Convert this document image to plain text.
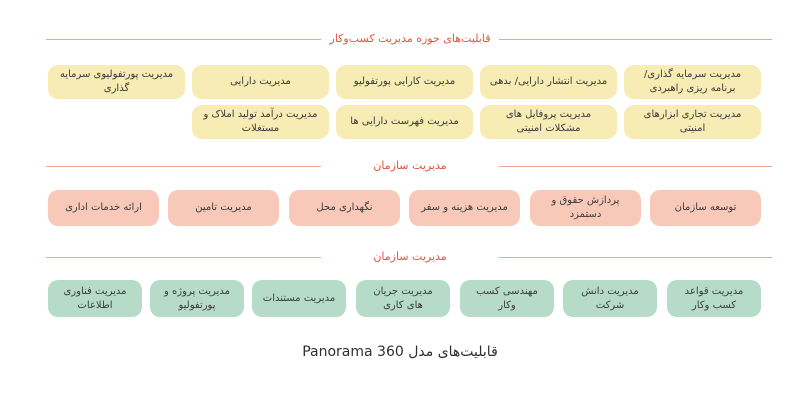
قابلیت‌های حوزه مدیریت کسب‌وکار
مدیریت سرمایه گذاری/ برنامه ریزی راهبردی
مدیریت انتشار دارایی/ بدهی
مدیریت کارایی پورتفولیو
مدیریت دارایی
مدیریت پورتفولیوی سرمایه گذاری
مدیریت تجاری ابزارهای امنیتی
مدیریت پروفایل های مشکلات امنیتی
مدیریت فهرست دارایی ها
مدیریت درآمد تولید املاک و مستغلات
مدیریت سازمان
توسعه سازمان
پردازش حقوق و دستمزد
مدیریت هزینه و سفر
نگهداری محل
مدیریت تامین
ارائه خدمات اداری
مدیریت سازمان
مدیریت قواعد کسب وکار
مدیریت دانش شرکت
مهندسی کسب وکار
مدیریت جریان های کاری
مدیریت مستندات
مدیریت پروژه و پورتفولیو
مدیریت فناوری اطلاعات
قابلیت‌های مدل Panorama 360
